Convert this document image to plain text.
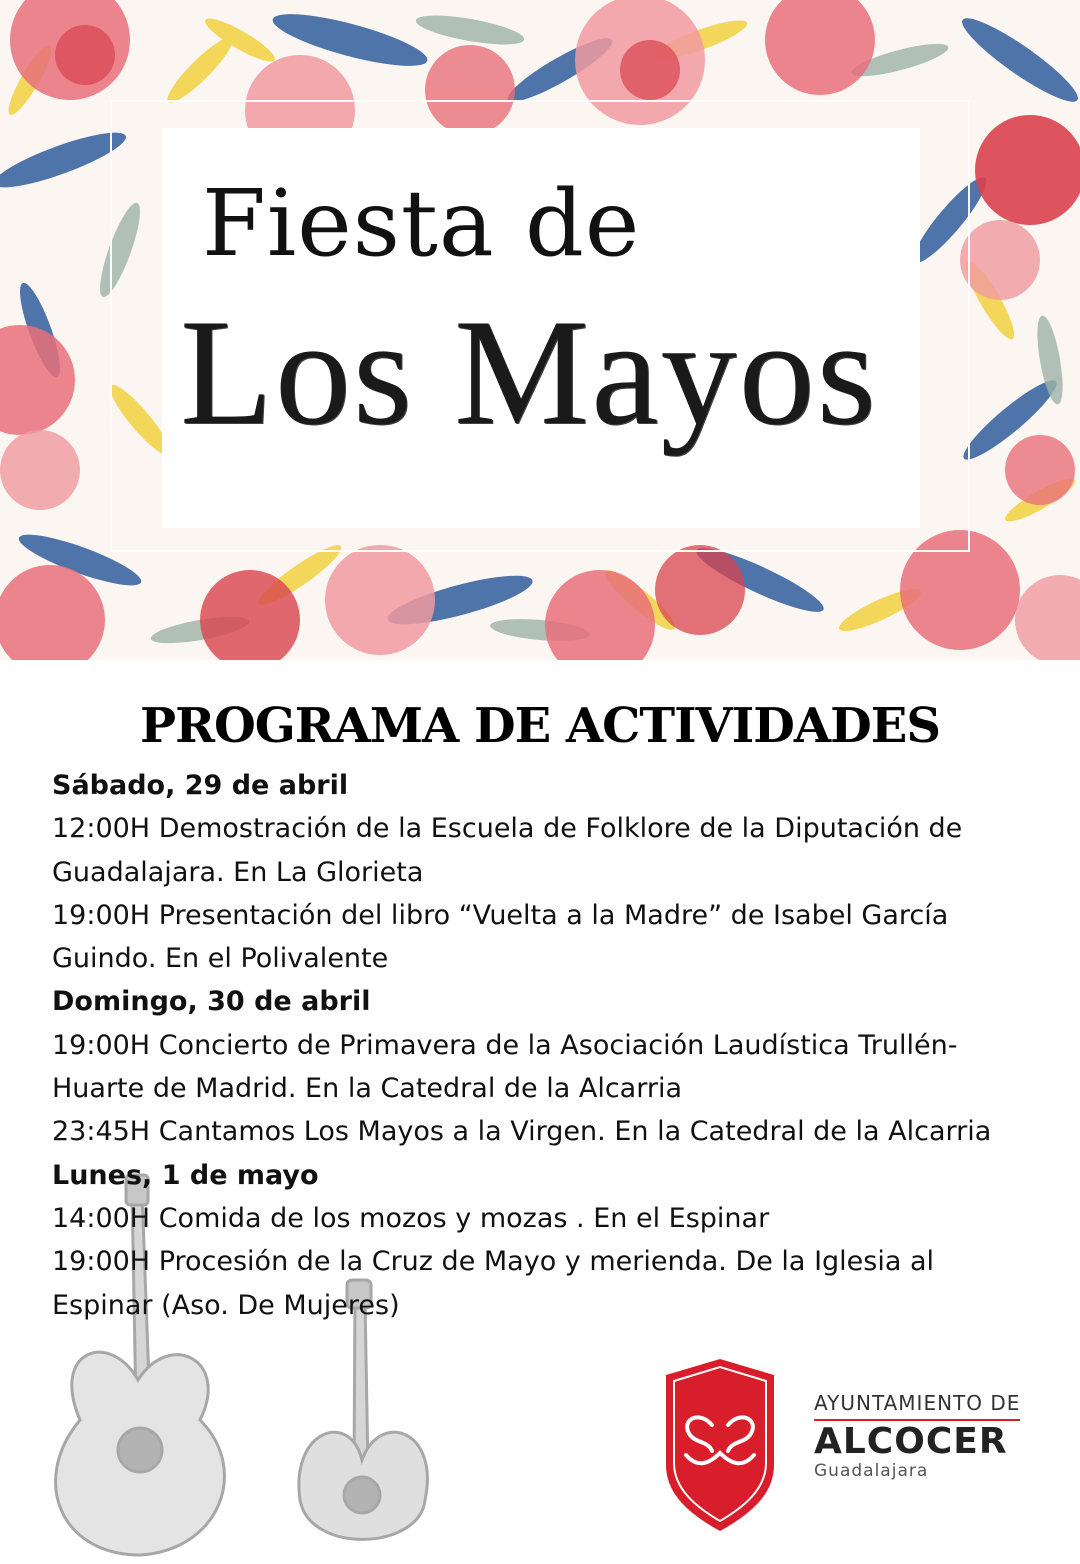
Fiesta de
Los Mayos
PROGRAMA DE ACTIVIDADES
Sábado, 29 de abril

12:00H Demostración de la Escuela de Folklore de la Diputación de Guadalajara. En La Glorieta

19:00H Presentación del libro “Vuelta a la Madre” de Isabel García Guindo. En el Polivalente

Domingo, 30 de abril

19:00H Concierto de Primavera de la Asociación Laudística Trullén-Huarte de Madrid. En la Catedral de la Alcarria

23:45H Cantamos Los Mayos a la Virgen. En la Catedral de la Alcarria

Lunes, 1 de mayo

14:00H Comida de los mozos y mozas . En el Espinar

19:00H Procesión de la Cruz de Mayo y merienda. De la Iglesia al Espinar (Aso. De Mujeres)

AYUNTAMIENTO DE
ALCOCER
Guadalajara
